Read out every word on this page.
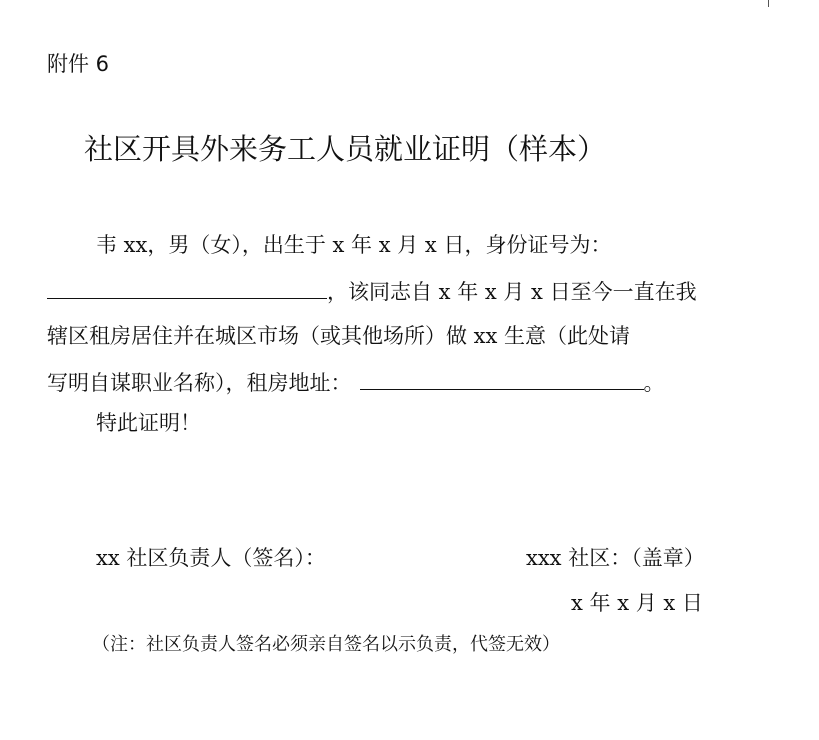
附件 6
社区开具外来务工人员就业证明（样本）
韦 xx，男（女），出生于 x 年 x 月 x 日，身份证号为：
，该同志自 x 年 x 月 x 日至今一直在我
辖区租房居住并在城区市场（或其他场所）做 xx 生意（此处请
写明自谋职业名称），租房地址：	。
特此证明！
xx 社区负责人（签名）：	xxx 社区：（盖章）
x 年 x 月 x 日
（注：社区负责人签名必须亲自签名以示负责，代签无效）
